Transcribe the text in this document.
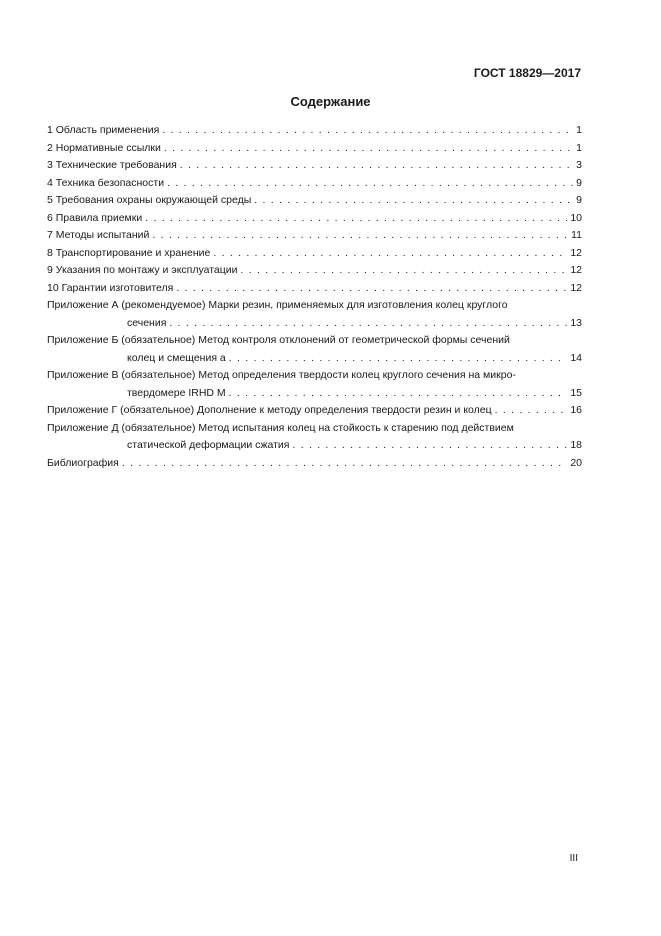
ГОСТ 18829—2017
Содержание
1 Область применения . . .	1
2 Нормативные ссылки . . .	1
3 Технические требования . . .	3
4 Техника безопасности . . .	9
5 Требования охраны окружающей среды . . .	9
6 Правила приемки . . .	10
7 Методы испытаний . . .	11
8 Транспортирование и хранение . . .	12
9 Указания по монтажу и эксплуатации . . .	12
10 Гарантии изготовителя . . .	12
Приложение А (рекомендуемое) Марки резин, применяемых для изготовления колец круглого
сечения . . .	13
Приложение Б (обязательное) Метод контроля отклонений от геометрической формы сечений
колец и смещения а . . .	14
Приложение В (обязательное) Метод определения твердости колец круглого сечения на микро-
твердомере IRHD М . . .	15
Приложение Г (обязательное) Дополнение к методу определения твердости резин и колец . . .	16
Приложение Д (обязательное) Метод испытания колец на стойкость к старению под действием
статической деформации сжатия . . .	18
Библиография . . .	20
III
